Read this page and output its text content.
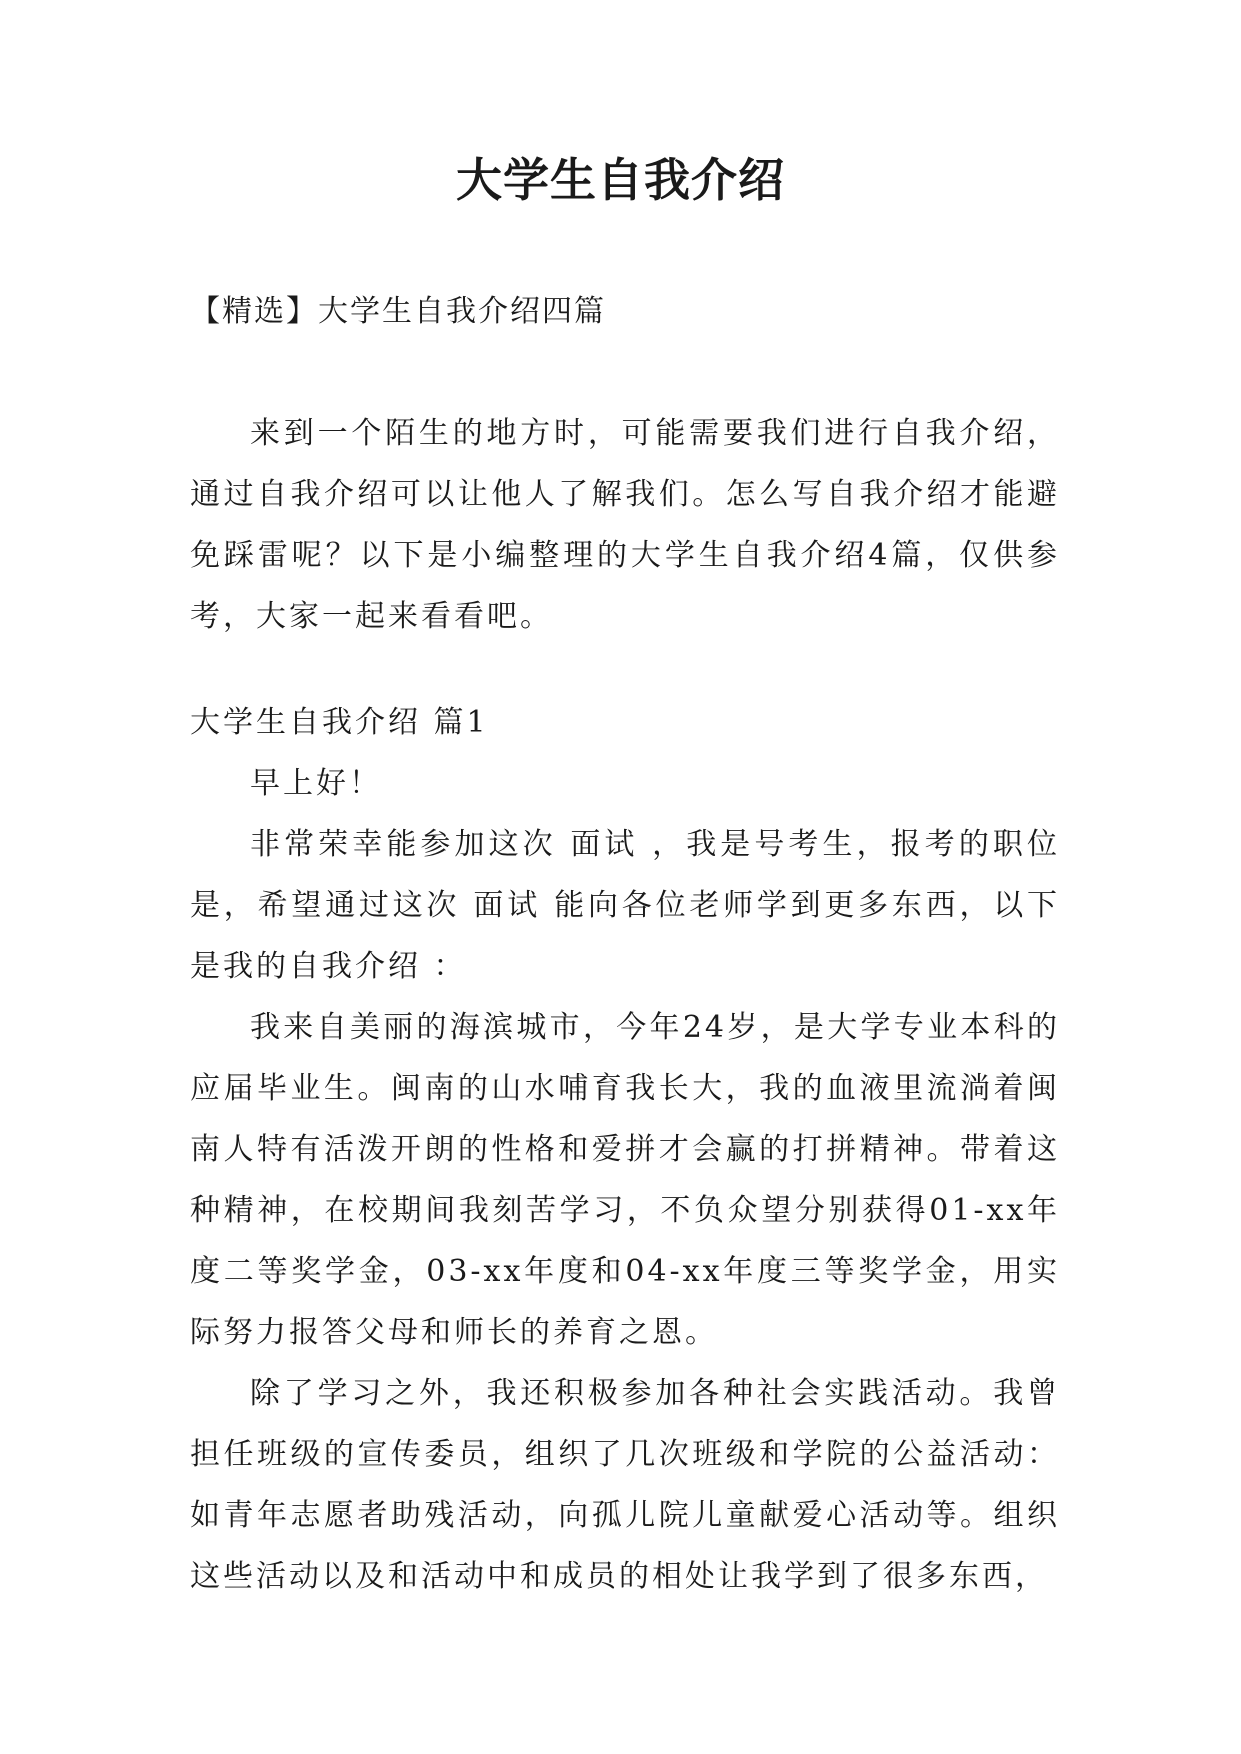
大学生自我介绍
【精选】大学生自我介绍四篇

来到一个陌生的地方时，可能需要我们进行自我介绍，通过自我介绍可以让他人了解我们。怎么写自我介绍才能避免踩雷呢？以下是小编整理的大学生自我介绍4篇，仅供参考，大家一起来看看吧。

大学生自我介绍 篇1

早上好！

非常荣幸能参加这次 面试 ，我是号考生，报考的职位是，希望通过这次 面试 能向各位老师学到更多东西，以下是我的自我介绍 ：

我来自美丽的海滨城市，今年24岁，是大学专业本科的应届毕业生。闽南的山水哺育我长大，我的血液里流淌着闽南人特有活泼开朗的性格和爱拼才会赢的打拼精神。带着这种精神，在校期间我刻苦学习，不负众望分别获得01-xx年度二等奖学金，03-xx年度和04-xx年度三等奖学金，用实际努力报答父母和师长的养育之恩。

除了学习之外，我还积极参加各种社会实践活动。我曾担任班级的宣传委员，组织了几次班级和学院的公益活动：如青年志愿者助残活动，向孤儿院儿童献爱心活动等。组织这些活动以及和活动中和成员的相处让我学到了很多东西，
